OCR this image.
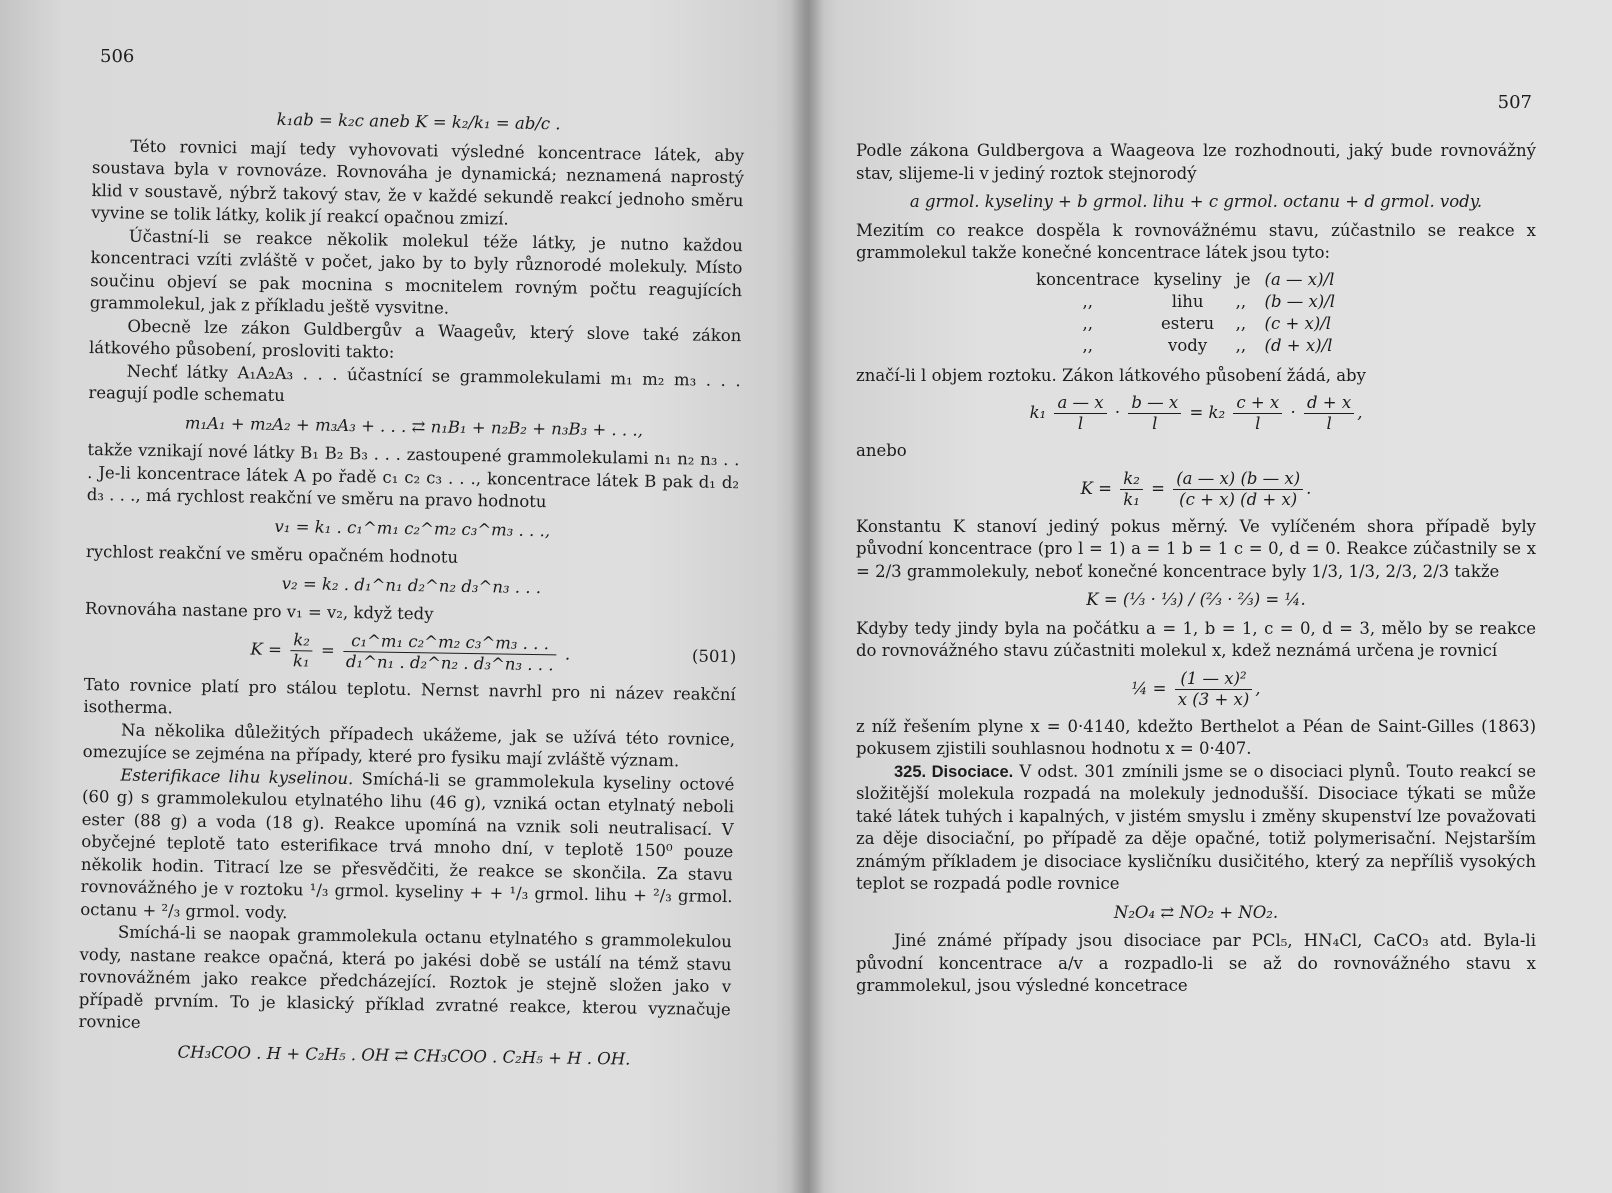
506

k₁ab = k₂c aneb K = k₂/k₁ = ab/c .

Této rovnici mají tedy vyhovovati výsledné koncentrace látek, aby soustava byla v rovnováze. Rovnováha je dynamická; neznamená naprostý klid v soustavě, nýbrž takový stav, že v každé sekundě reakcí jednoho směru vyvine se tolik látky, kolik jí reakcí opačnou zmizí.

Účastní-li se reakce několik molekul téže látky, je nutno každou koncentraci vzíti zvláště v počet, jako by to byly různorodé molekuly. Místo součinu objeví se pak mocnina s mocnitelem rovným počtu reagujících grammolekul, jak z příkladu ještě vysvitne.

Obecně lze zákon Guldbergův a Waageův, který slove také zákon látkového působení, prosloviti takto:

Nechť látky A₁A₂A₃ . . . účastnící se grammolekulami m₁ m₂ m₃ . . . reagují podle schematu

m₁A₁ + m₂A₂ + m₃A₃ + . . . ⇄ n₁B₁ + n₂B₂ + n₃B₃ + . . .,

takže vznikají nové látky B₁ B₂ B₃ . . . zastoupené grammolekulami n₁ n₂ n₃ . . . Je-li koncentrace látek A po řadě c₁ c₂ c₃ . . ., koncentrace látek B pak d₁ d₂ d₃ . . ., má rychlost reakční ve směru na pravo hodnotu

v₁ = k₁ . c₁^m₁ c₂^m₂ c₃^m₃ . . .,

rychlost reakční ve směru opačném hodnotu

v₂ = k₂ . d₁^n₁ d₂^n₂ d₃^n₃ . . .

Rovnováha nastane pro v₁ = v₂, když tedy

$K = \frac{\text{k₂}}{\text{k₁}} = \frac{\text{c₁\textasciicircum{}m₁ c₂\textasciicircum{}m₂ c₃\textasciicircum{}m₃ . . .}}{\text{d₁\textasciicircum{}n₁ . d₂\textasciicircum{}n₂ . d₃\textasciicircum{}n₃ . . .}}$ .	(501)

Tato rovnice platí pro stálou teplotu. Nernst navrhl pro ni název reakční isotherma.

Na několika důležitých případech ukážeme, jak se užívá této rovnice, omezujíce se zejména na případy, které pro fysiku mají zvláště význam.

Esterifikace lihu kyselinou. Smíchá-li se grammolekula kyseliny octové (60 g) s grammolekulou etylnatého lihu (46 g), vzniká octan etylnatý neboli ester (88 g) a voda (18 g). Reakce upomíná na vznik soli neutralisací. V obyčejné teplotě tato esterifikace trvá mnoho dní, v teplotě 150⁰ pouze několik hodin. Titrací lze se přesvědčiti, že reakce se skončila. Za stavu rovnovážného je v roztoku ¹/₃ grmol. kyseliny + + ¹/₃ grmol. lihu + ²/₃ grmol. octanu + ²/₃ grmol. vody.

Smíchá-li se naopak grammolekula octanu etylnatého s grammolekulou vody, nastane reakce opačná, která po jakési době se ustálí na témž stavu rovnovážném jako reakce předcházející. Roztok je stejně složen jako v případě prvním. To je klasický příklad zvratné reakce, kterou vyznačuje rovnice

CH₃COO . H + C₂H₅ . OH ⇄ CH₃COO . C₂H₅ + H . OH.

507

Podle zákona Guldbergova a Waageova lze rozhodnouti, jaký bude rovnovážný stav, slijeme-li v jediný roztok stejnorodý

a grmol. kyseliny + b grmol. lihu + c grmol. octanu + d grmol. vody.

Mezitím co reakce dospěla k rovnovážnému stavu, zúčastnilo se reakce x grammolekul takže konečné koncentrace látek jsou tyto:

koncentrace	kyseliny	je	(a — x)/l
,,	lihu	,,	(b — x)/l
,,	esteru	,,	(c + x)/l
,,	vody	,,	(d + x)/l

značí-li l objem roztoku. Zákon látkového působení žádá, aby

$k_1 \frac{a — x}{l} \cdot \frac{b — x}{l} = k_2 \frac{c + x}{l} \cdot \frac{d + x}{l}$ ,

anebo

$K = \frac{\text{k₂}}{\text{k₁}} = \frac{(a — x) (b — x)}{(c + x) (d + x)}$ .

Konstantu K stanoví jediný pokus měrný. Ve vylíčeném shora případě byly původní koncentrace (pro l = 1) a = 1 b = 1 c = 0, d = 0. Reakce zúčastnily se x = 2/3 grammolekuly, neboť konečné koncentrace byly 1/3, 1/3, 2/3, 2/3 takže

K = (⅓ · ⅓) / (⅔ · ⅔) = ¼.

Kdyby tedy jindy byla na počátku a = 1, b = 1, c = 0, d = 3, mělo by se reakce do rovnovážného stavu zúčastniti molekul x, kdež neznámá určena je rovnicí

¼ = $\frac{\text{(1 — x)²}}{x (3 + x)}$ ,

z níž řešením plyne x = 0·4140, kdežto Berthelot a Péan de Saint-Gilles (1863) pokusem zjistili souhlasnou hodnotu x = 0·407.

325. Disociace. V odst. 301 zmínili jsme se o disociaci plynů. Touto reakcí se složitější molekula rozpadá na molekuly jednodušší. Disociace týkati se může také látek tuhých i kapalných, v jistém smyslu i změny skupenství lze považovati za děje disociační, po případě za děje opačné, totiž polymerisační. Nejstarším známým příkladem je disociace kysličníku dusičitého, který za nepříliš vysokých teplot se rozpadá podle rovnice

N₂O₄ ⇄ NO₂ + NO₂.

Jiné známé případy jsou disociace par PCl₅, HN₄Cl, CaCO₃ atd. Byla-li původní koncentrace a/v a rozpadlo-li se až do rovnovážného stavu x grammolekul, jsou výsledné koncetrace
